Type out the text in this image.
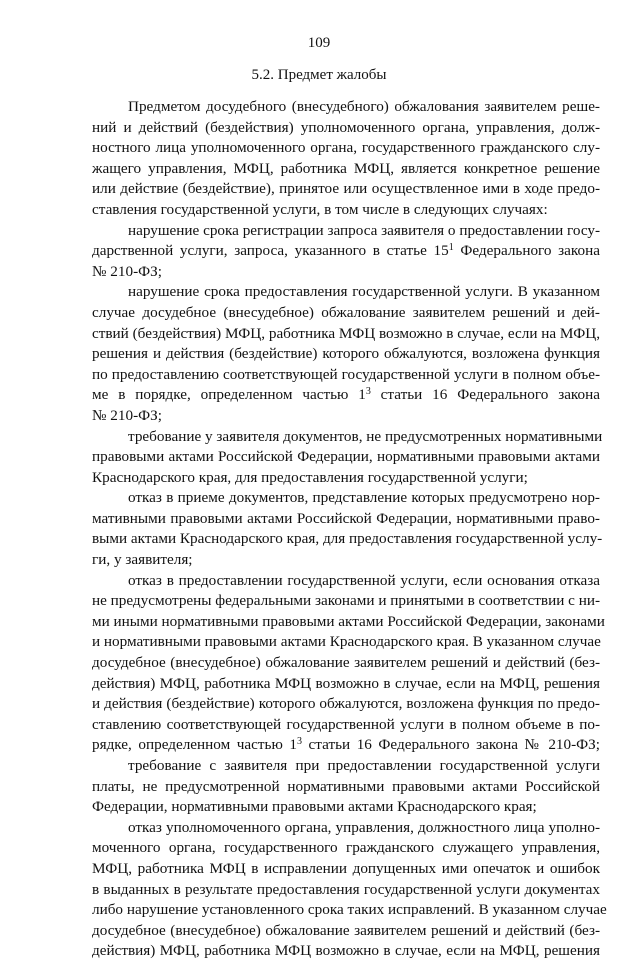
109
5.2. Предмет жалобы
Предметом досудебного (внесудебного) обжалования заявителем реше-
ний и действий (бездействия) уполномоченного органа, управления, долж-
ностного лица уполномоченного органа, государственного гражданского слу-
жащего управления, МФЦ, работника МФЦ, является конкретное решение
или действие (бездействие), принятое или осуществленное ими в ходе предо-
ставления государственной услуги, в том числе в следующих случаях:
нарушение срока регистрации запроса заявителя о предоставлении госу-
дарственной услуги, запроса, указанного в статье $15^1$ Федерального закона
№ 210-ФЗ;
нарушение срока предоставления государственной услуги. В указанном
случае досудебное (внесудебное) обжалование заявителем решений и дей-
ствий (бездействия) МФЦ, работника МФЦ возможно в случае, если на МФЦ,
решения и действия (бездействие) которого обжалуются, возложена функция
по предоставлению соответствующей государственной услуги в полном объе-
ме в порядке, определенном частью $1^3$ статьи 16 Федерального закона
№ 210-ФЗ;
требование у заявителя документов, не предусмотренных нормативными
правовыми актами Российской Федерации, нормативными правовыми актами
Краснодарского края, для предоставления государственной услуги;
отказ в приеме документов, представление которых предусмотрено нор-
мативными правовыми актами Российской Федерации, нормативными право-
выми актами Краснодарского края, для предоставления государственной услу-
ги, у заявителя;
отказ в предоставлении государственной услуги, если основания отказа
не предусмотрены федеральными законами и принятыми в соответствии с ни-
ми иными нормативными правовыми актами Российской Федерации, законами
и нормативными правовыми актами Краснодарского края. В указанном случае
досудебное (внесудебное) обжалование заявителем решений и действий (без-
действия) МФЦ, работника МФЦ возможно в случае, если на МФЦ, решения
и действия (бездействие) которого обжалуются, возложена функция по предо-
ставлению соответствующей государственной услуги в полном объеме в по-
рядке, определенном частью $1^3$ статьи 16 Федерального закона № 210-ФЗ;
требование с заявителя при предоставлении государственной услуги
платы, не предусмотренной нормативными правовыми актами Российской
Федерации, нормативными правовыми актами Краснодарского края;
отказ уполномоченного органа, управления, должностного лица уполно-
моченного органа, государственного гражданского служащего управления,
МФЦ, работника МФЦ в исправлении допущенных ими опечаток и ошибок
в выданных в результате предоставления государственной услуги документах
либо нарушение установленного срока таких исправлений. В указанном случае
досудебное (внесудебное) обжалование заявителем решений и действий (без-
действия) МФЦ, работника МФЦ возможно в случае, если на МФЦ, решения
